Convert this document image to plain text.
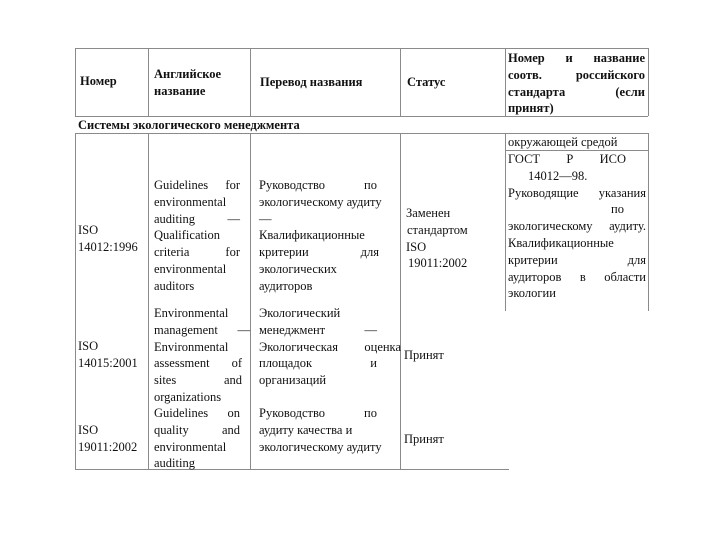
Номер	Английское
название
Перевод названия	Статус
Номер и название
соотв. российского
стандарта (если
принят)
Системы экологического менеджмента
окружающей средой
ISO
14012:1996
Guidelines for
environmental
auditing —
Qualification
criteria for
environmental
auditors
Руководство по
экологическому аудиту
—
Квалификационные
критерии для
экологических
аудиторов
Заменен
стандартом
ISO
19011:2002
ГОСТ Р ИСО
14012—98.
Руководящие указания
по
экологическому аудиту.
Квалификационные
критерии для
аудиторов в области
экологии
ISO
14015:2001
Environmental
management —
Environmental
assessment of
sites and
organizations
Экологический
менеджмент —
Экологическая оценка
площадок и
организаций
Принят
ISO
19011:2002
Guidelines on
quality and
environmental
auditing
Руководство по
аудиту качества и
экологическому аудиту
Принят
